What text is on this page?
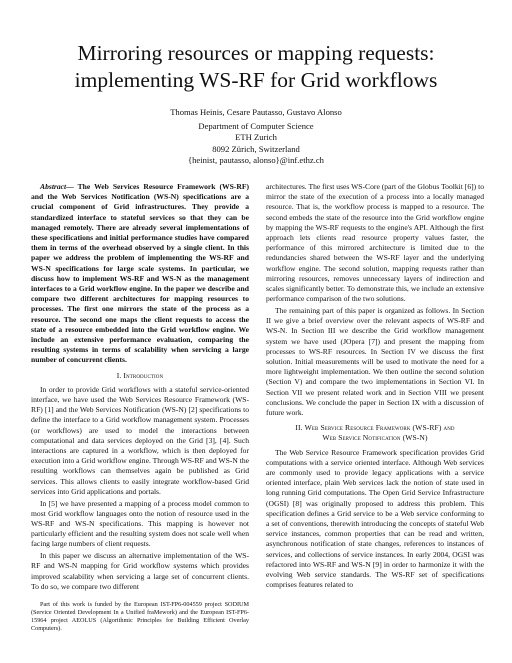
Mirroring resources or mapping requests:
implementing WS-RF for Grid workflows
Thomas Heinis, Cesare Pautasso, Gustavo Alonso
Department of Computer Science
ETH Zurich
8092 Zürich, Switzerland
{heinist, pautasso, alonso}@inf.ethz.ch

Abstract— The Web Services Resource Framework (WS-RF) and the Web Services Notification (WS-N) specifications are a crucial component of Grid infrastructures. They provide a standardized interface to stateful services so that they can be managed remotely. There are already several implementations of these specifications and initial performance studies have compared them in terms of the overhead observed by a single client. In this paper we address the problem of implementing the WS-RF and WS-N specifications for large scale systems. In particular, we discuss how to implement WS-RF and WS-N as the management interfaces to a Grid workflow engine. In the paper we describe and compare two different architectures for mapping resources to processes. The first one mirrors the state of the process as a resource. The second one maps the client requests to access the state of a resource embedded into the Grid workflow engine. We include an extensive performance evaluation, comparing the resulting systems in terms of scalability when servicing a large number of concurrent clients.

I. Introduction

In order to provide Grid workflows with a stateful service-oriented interface, we have used the Web Services Resource Framework (WS-RF) [1] and the Web Services Notification (WS-N) [2] specifications to define the interface to a Grid workflow management system. Processes (or workflows) are used to model the interactions between computational and data services deployed on the Grid [3], [4]. Such interactions are captured in a workflow, which is then deployed for execution into a Grid workflow engine. Through WS-RF and WS-N the resulting workflows can themselves again be published as Grid services. This allows clients to easily integrate workflow-based Grid services into Grid applications and portals.

In [5] we have presented a mapping of a process model common to most Grid workflow languages onto the notion of resource used in the WS-RF and WS-N specifications. This mapping is however not particularly efficient and the resulting system does not scale well when facing large numbers of client requests.

In this paper we discuss an alternative implementation of the WS-RF and WS-N mapping for Grid workflow systems which provides improved scalability when servicing a large set of concurrent clients. To do so, we compare two different

Part of this work is funded by the European IST-FP6-004559 project SODIUM (Service Oriented Development In a Unified fraMework) and the European IST-FP6-15964 project AEOLUS (Algorithmic Principles for Building Efficient Overlay Computers).

architectures. The first uses WS-Core (part of the Globus Toolkit [6]) to mirror the state of the execution of a process into a locally managed resource. That is, the workflow process is mapped to a resource. The second embeds the state of the resource into the Grid workflow engine by mapping the WS-RF requests to the engine's API. Although the first approach lets clients read resource property values faster, the performance of this mirrored architecture is limited due to the redundancies shared between the WS-RF layer and the underlying workflow engine. The second solution, mapping requests rather than mirroring resources, removes unnecessary layers of indirection and scales significantly better. To demonstrate this, we include an extensive performance comparison of the two solutions.

The remaining part of this paper is organized as follows. In Section II we give a brief overview over the relevant aspects of WS-RF and WS-N. In Section III we describe the Grid workflow management system we have used (JOpera [7]) and present the mapping from processes to WS-RF resources. In Section IV we discuss the first solution. Initial measurements will be used to motivate the need for a more lightweight implementation. We then outline the second solution (Section V) and compare the two implementations in Section VI. In Section VII we present related work and in Section VIII we present conclusions. We conclude the paper in Section IX with a discussion of future work.

II. Web Service Resource Framework (WS-RF) and
Web Service Notification (WS-N)

The Web Service Resource Framework specification provides Grid computations with a service oriented interface. Although Web services are commonly used to provide legacy applications with a service oriented interface, plain Web services lack the notion of state used in long running Grid computations. The Open Grid Service Infrastructure (OGSI) [8] was originally proposed to address this problem. This specification defines a Grid service to be a Web service conforming to a set of conventions, therewith introducing the concepts of stateful Web service instances, common properties that can be read and written, asynchronous notification of state changes, references to instances of services, and collections of service instances. In early 2004, OGSI was refactored into WS-RF and WS-N [9] in order to harmonize it with the evolving Web service standards. The WS-RF set of specifications comprises features related to
